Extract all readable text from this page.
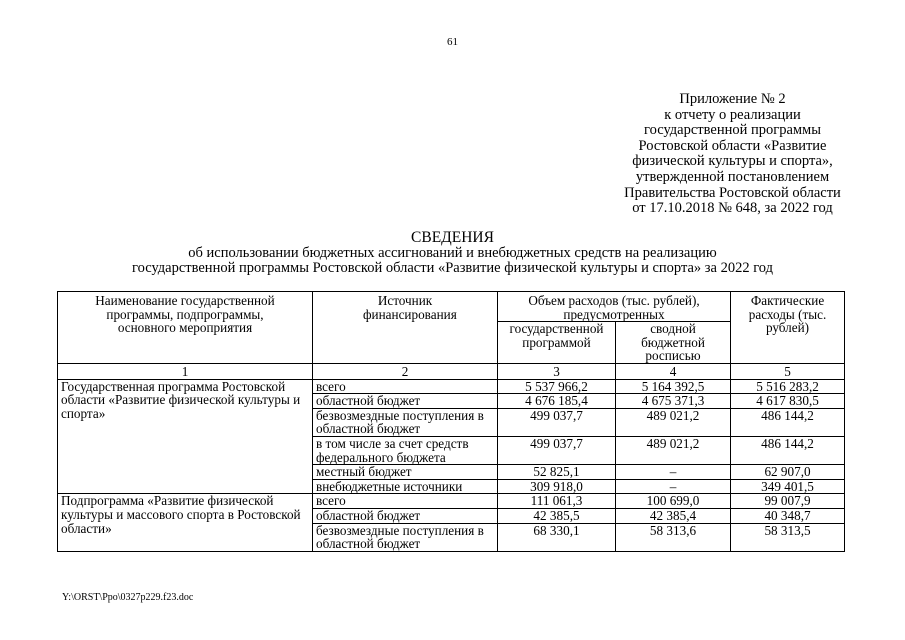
61
Приложение № 2
к отчету о реализации
государственной программы
Ростовской области «Развитие
физической культуры и спорта»,
утвержденной постановлением
Правительства Ростовской области
от 17.10.2018 № 648, за 2022 год
СВЕДЕНИЯ
об использовании бюджетных ассигнований и внебюджетных средств на реализацию
государственной программы Ростовской области «Развитие физической культуры и спорта» за 2022 год
Наименование государственной программы, подпрограммы, основного мероприятия	Источник финансирования	Объем расходов (тыс. рублей), предусмотренных		Фактические расходы (тыс. рублей)
		государственной программой	сводной бюджетной росписью	
1	2	3	4	5
Государственная программа Ростовской области «Развитие физической культуры и спорта»	всего	5 537 966,2	5 164 392,5	5 516 283,2
	областной бюджет	4 676 185,4	4 675 371,3	4 617 830,5
	безвозмездные поступления в областной бюджет	499 037,7	489 021,2	486 144,2
	в том числе за счет средств федерального бюджета	499 037,7	489 021,2	486 144,2
	местный бюджет	52 825,1	–	62 907,0
	внебюджетные источники	309 918,0	–	349 401,5
Подпрограмма «Развитие физической культуры и массового спорта в Ростовской области»	всего	111 061,3	100 699,0	99 007,9
	областной бюджет	42 385,5	42 385,4	40 348,7
	безвозмездные поступления в областной бюджет	68 330,1	58 313,6	58 313,5
Y:\ORST\Ppo\0327p229.f23.doc
